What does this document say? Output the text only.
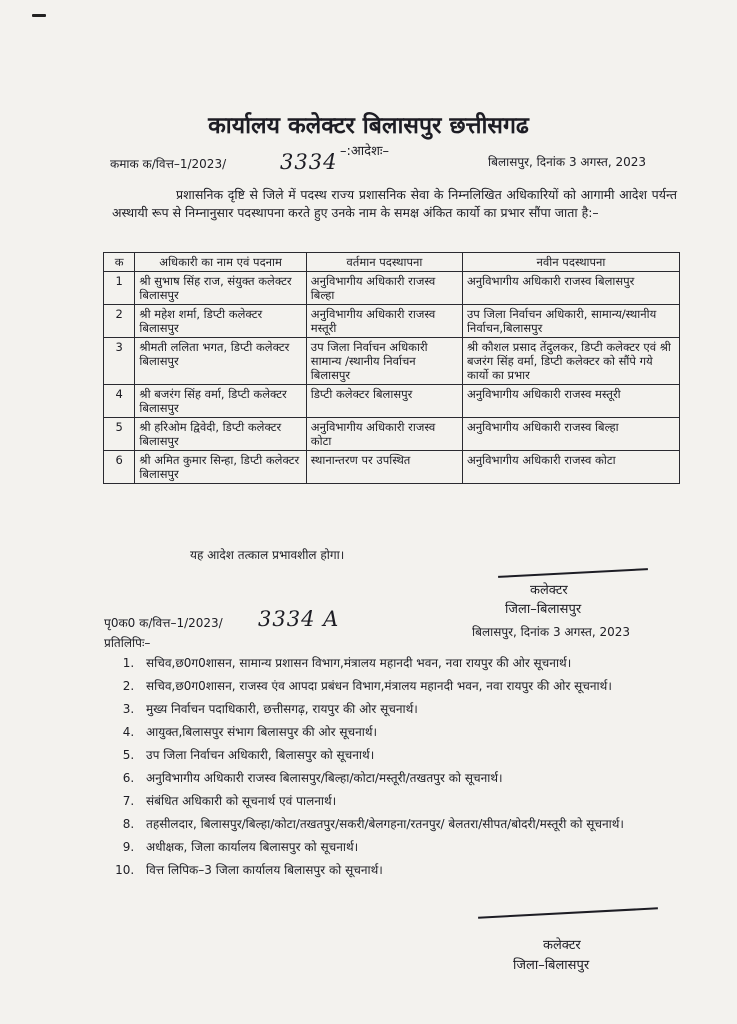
कार्यालय कलेक्टर बिलासपुर छत्तीसगढ
–:आदेशः–
कमाक क/वित्त–1/2023/	3334	बिलासपुर, दिनांक 3 अगस्त, 2023
प्रशासनिक दृष्टि से जिले में पदस्थ राज्य प्रशासनिक सेवा के निम्नलिखित अधिकारियों को आगामी आदेश पर्यन्त अस्थायी रूप से निम्नानुसार पदस्थापना करते हुए उनके नाम के समक्ष अंकित कार्यो का प्रभार सौंपा जाता है:–
क	अधिकारी का नाम एवं पदनाम	वर्तमान पदस्थापना	नवीन पदस्थापना
1	श्री सुभाष सिंह राज, संयुक्त कलेक्टर बिलासपुर	अनुविभागीय अधिकारी राजस्व बिल्हा	अनुविभागीय अधिकारी राजस्व बिलासपुर
2	श्री महेश शर्मा, डिप्टी कलेक्टर बिलासपुर	अनुविभागीय अधिकारी राजस्व मस्तूरी	उप जिला निर्वाचन अधिकारी, सामान्य/स्थानीय निर्वाचन,बिलासपुर
3	श्रीमती ललिता भगत, डिप्टी कलेक्टर बिलासपुर	उप जिला निर्वाचन अधिकारी सामान्य /स्थानीय निर्वाचन बिलासपुर	श्री कौशल प्रसाद तेंदुलकर, डिप्टी कलेक्टर एवं श्री बजरंग सिंह वर्मा, डिप्टी कलेक्टर को सौंपे गये कार्यो का प्रभार
4	श्री बजरंग सिंह वर्मा, डिप्टी कलेक्टर बिलासपुर	डिप्टी कलेक्टर बिलासपुर	अनुविभागीय अधिकारी राजस्व मस्तूरी
5	श्री हरिओम द्विवेदी, डिप्टी कलेक्टर बिलासपुर	अनुविभागीय अधिकारी राजस्व कोटा	अनुविभागीय अधिकारी राजस्व बिल्हा
6	श्री अमित कुमार सिन्हा, डिप्टी कलेक्टर बिलासपुर	स्थानान्तरण पर उपस्थित	अनुविभागीय अधिकारी राजस्व कोटा
यह आदेश तत्काल प्रभावशील होगा।
कलेक्टर
जिला–बिलासपुर
पृ0क0 क/वित्त–1/2023/ 3334 A
बिलासपुर, दिनांक 3 अगस्त, 2023
प्रतिलिपिः–
1. सचिव,छ0ग0शासन, सामान्य प्रशासन विभाग,मंत्रालय महानदी भवन, नवा रायपुर की ओर सूचनार्थ।
2. सचिव,छ0ग0शासन, राजस्व एंव आपदा प्रबंधन विभाग,मंत्रालय महानदी भवन, नवा रायपुर की ओर सूचनार्थ।
3. मुख्य निर्वाचन पदाधिकारी, छत्तीसगढ़, रायपुर की ओर सूचनार्थ।
4. आयुक्त,बिलासपुर संभाग बिलासपुर की ओर सूचनार्थ।
5. उप जिला निर्वाचन अधिकारी, बिलासपुर को सूचनार्थ।
6. अनुविभागीय अधिकारी राजस्व बिलासपुर/बिल्हा/कोटा/मस्तूरी/तखतपुर को सूचनार्थ।
7. संबंधित अधिकारी को सूचनार्थ एवं पालनार्थ।
8. तहसीलदार, बिलासपुर/बिल्हा/कोटा/तखतपुर/सकरी/बेलगहना/रतनपुर/ बेलतरा/सीपत/बोदरी/मस्तूरी को सूचनार्थ।
9. अधीक्षक, जिला कार्यालय बिलासपुर को सूचनार्थ।
10. वित्त लिपिक–3 जिला कार्यालय बिलासपुर को सूचनार्थ।
कलेक्टर
जिला–बिलासपुर
